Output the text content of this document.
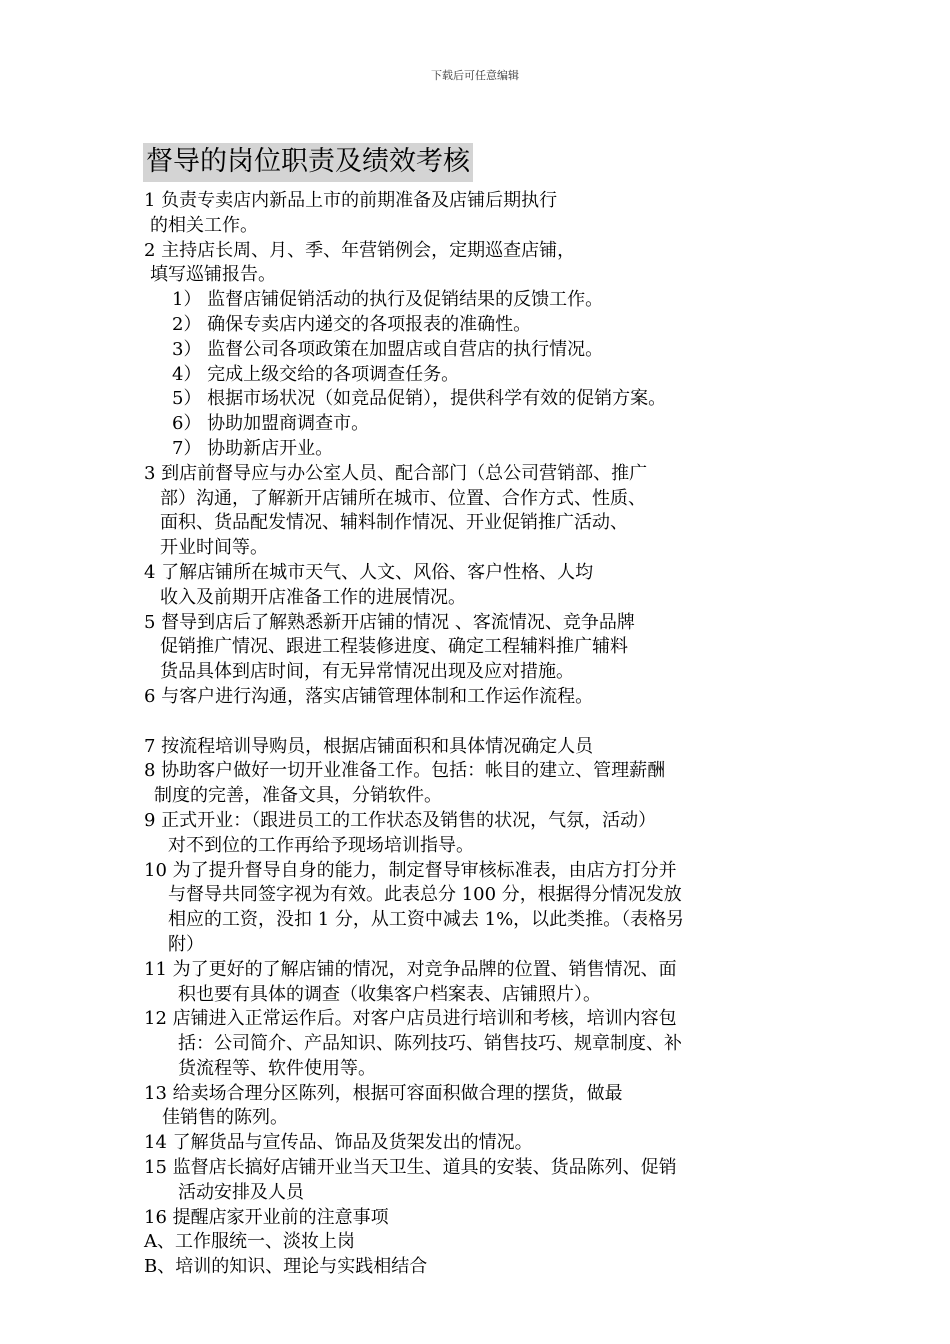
下载后可任意编辑
督导的岗位职责及绩效考核
1 负责专卖店内新品上市的前期准备及店铺后期执行
的相关工作。
2 主持店长周、月、季、年营销例会，定期巡查店铺，
填写巡铺报告。
1） 监督店铺促销活动的执行及促销结果的反馈工作。
2） 确保专卖店内递交的各项报表的准确性。
3） 监督公司各项政策在加盟店或自营店的执行情况。
4） 完成上级交给的各项调查任务。
5） 根据市场状况（如竞品促销），提供科学有效的促销方案。
6） 协助加盟商调查市。
7） 协助新店开业。
3 到店前督导应与办公室人员、配合部门（总公司营销部、推广
部）沟通，了解新开店铺所在城市、位置、合作方式、性质、
面积、货品配发情况、辅料制作情况、开业促销推广活动、
开业时间等。
4 了解店铺所在城市天气、人文、风俗、客户性格、人均
收入及前期开店准备工作的进展情况。
5 督导到店后了解熟悉新开店铺的情况 、客流情况、竞争品牌
促销推广情况、跟进工程装修进度、确定工程辅料推广辅料
货品具体到店时间，有无异常情况出现及应对措施。
6 与客户进行沟通，落实店铺管理体制和工作运作流程。
7 按流程培训导购员，根据店铺面积和具体情况确定人员
8 协助客户做好一切开业准备工作。包括：帐目的建立、管理薪酬
制度的完善，准备文具，分销软件。
9 正式开业：（跟进员工的工作状态及销售的状况，气氛，活动）
对不到位的工作再给予现场培训指导。
10 为了提升督导自身的能力，制定督导审核标准表，由店方打分并
与督导共同签字视为有效。此表总分 100 分，根据得分情况发放
相应的工资，没扣 1 分，从工资中减去 1%，以此类推。（表格另
附）
11 为了更好的了解店铺的情况，对竞争品牌的位置、销售情况、面
积也要有具体的调查（收集客户档案表、店铺照片）。
12 店铺进入正常运作后。对客户店员进行培训和考核，培训内容包
括：公司简介、产品知识、陈列技巧、销售技巧、规章制度、补
货流程等、软件使用等。
13 给卖场合理分区陈列，根据可容面积做合理的摆货，做最
佳销售的陈列。
14 了解货品与宣传品、饰品及货架发出的情况。
15 监督店长搞好店铺开业当天卫生、道具的安装、货品陈列、促销
活动安排及人员
16 提醒店家开业前的注意事项
A、工作服统一、淡妆上岗
B、培训的知识、理论与实践相结合
